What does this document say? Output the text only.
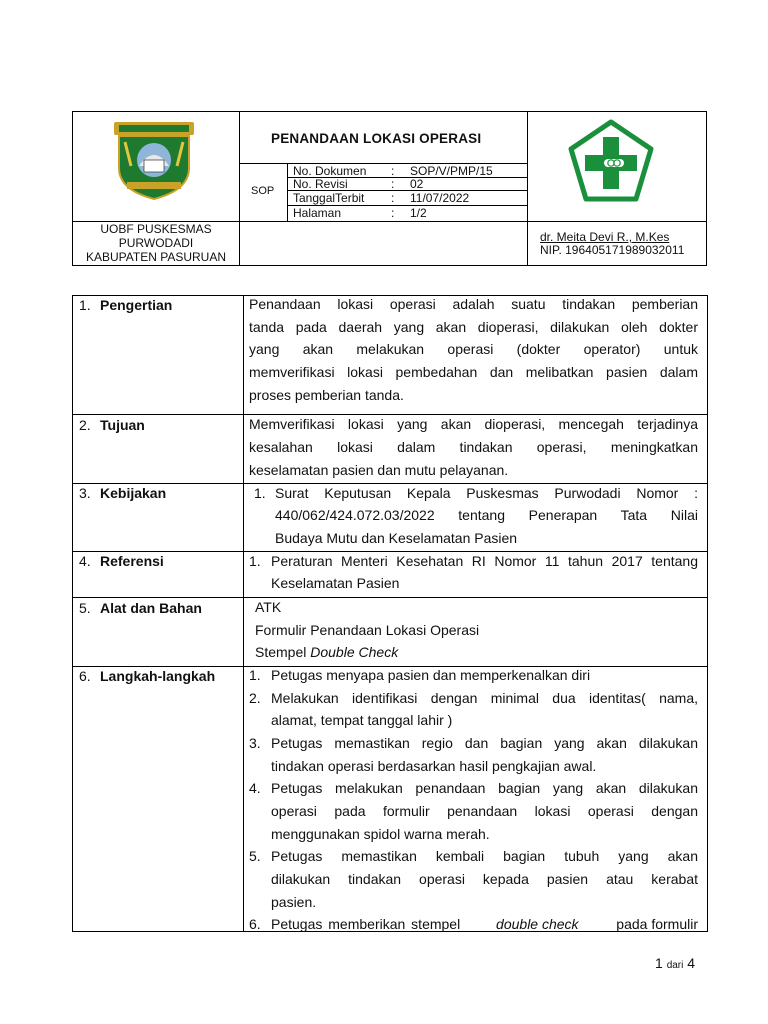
PENANDAAN LOKASI OPERASI
SOP
No. Dokumen : SOP/V/PMP/15
No. Revisi	: 02
TanggalTerbit : 11/07/2022
Halaman	: 1/2
UOBF PUSKESMAS
PURWODADI
KABUPATEN PASURUAN
dr. Meita Devi R., M.Kes
NIP. 196405171989032011
1. Pengertian
2. Tujuan
3. Kebijakan
4. Referensi
5. Alat dan Bahan
6. Langkah-langkah
Penandaan lokasi operasi adalah suatu tindakan pemberian
tanda pada daerah yang akan dioperasi, dilakukan oleh dokter
yang akan melakukan operasi (dokter operator) untuk
memverifikasi lokasi pembedahan dan melibatkan pasien dalam
proses pemberian tanda.
Memverifikasi lokasi yang akan dioperasi, mencegah terjadinya
kesalahan lokasi dalam tindakan operasi, meningkatkan
keselamatan pasien dan mutu pelayanan.
1. Surat Keputusan Kepala Puskesmas Purwodadi Nomor :
440/062/424.072.03/2022 tentang Penerapan Tata Nilai
Budaya Mutu dan Keselamatan Pasien
1. Peraturan Menteri Kesehatan RI Nomor 11 tahun 2017 tentang
Keselamatan Pasien
ATK
Formulir Penandaan Lokasi Operasi
Stempel Double Check
1. Petugas menyapa pasien dan memperkenalkan diri
2. Melakukan identifikasi dengan minimal dua identitas( nama,
alamat, tempat tanggal lahir )
3. Petugas memastikan regio dan bagian yang akan dilakukan
tindakan operasi berdasarkan hasil pengkajian awal.
4. Petugas melakukan penandaan bagian yang akan dilakukan
operasi pada formulir penandaan lokasi operasi dengan
menggunakan spidol warna merah.
5. Petugas memastikan kembali bagian tubuh yang akan
dilakukan tindakan operasi kepada pasien atau kerabat
pasien.
6. Petugas memberikan stempel double check pada formulir
1 dari 4
